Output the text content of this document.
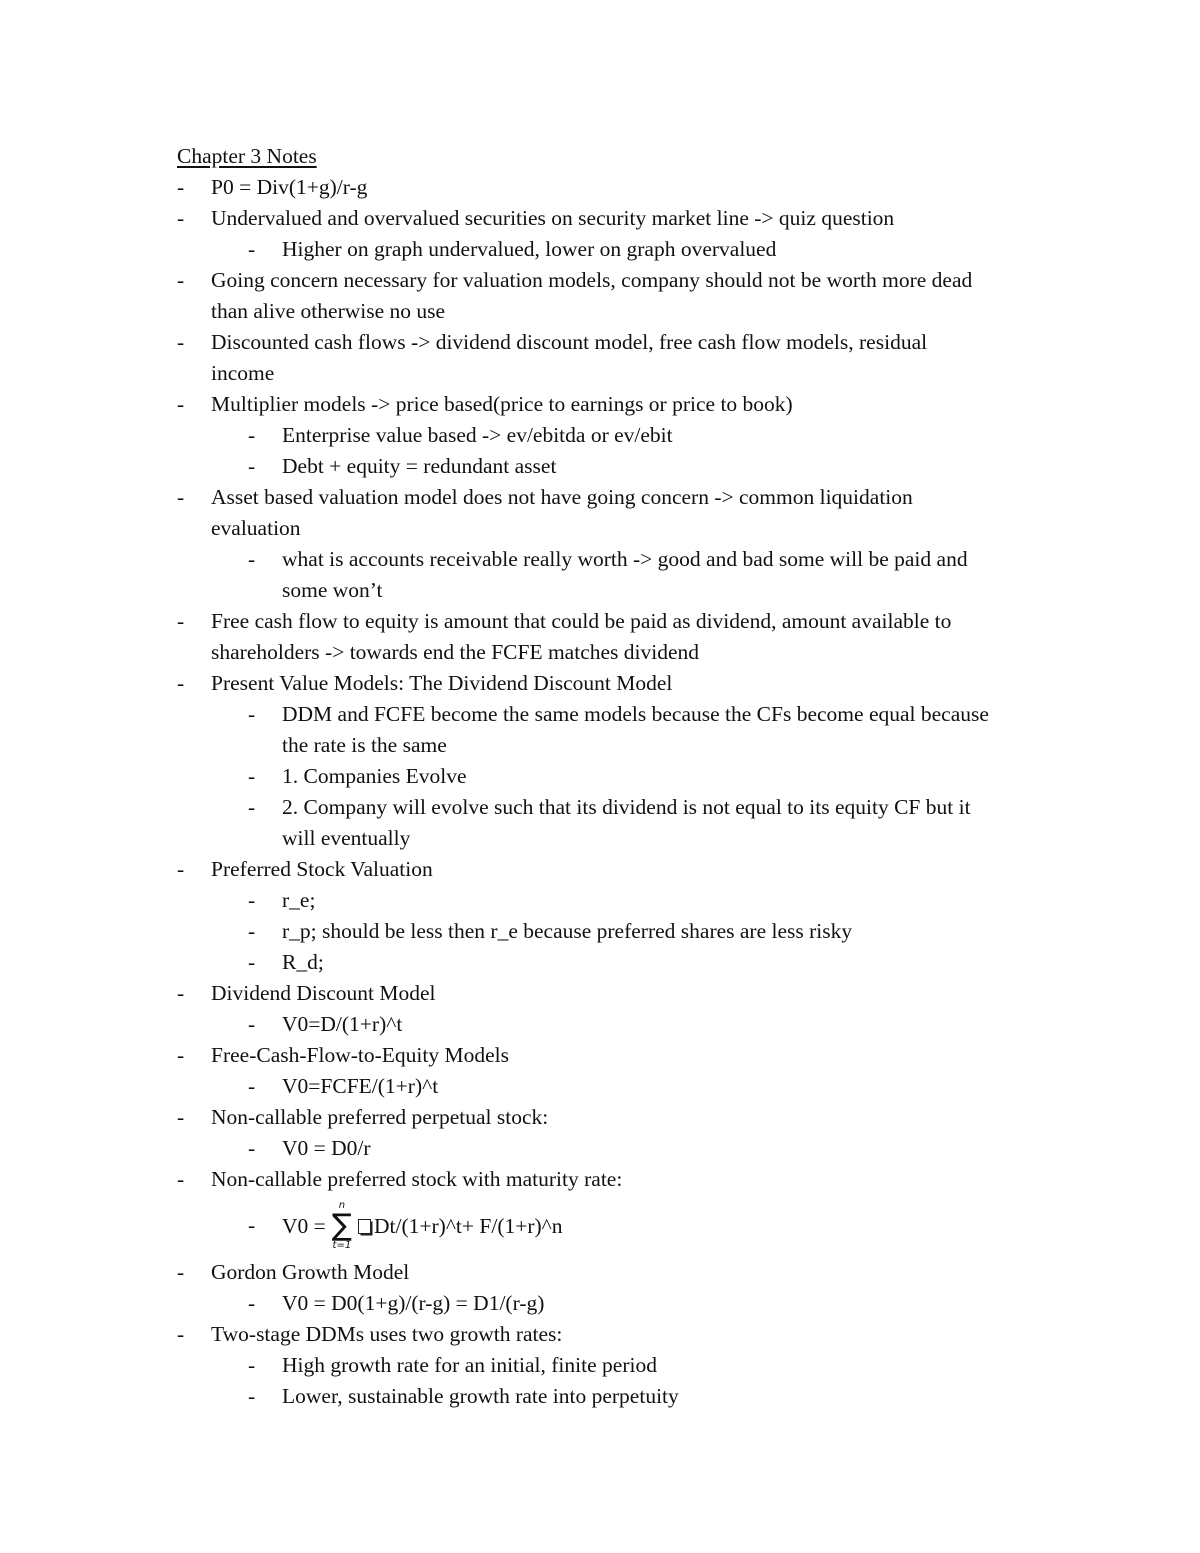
Chapter 3 Notes
- P0 = Div(1+g)/r-g
- Undervalued and overvalued securities on security market line -> quiz question
- Higher on graph undervalued, lower on graph overvalued
- Going concern necessary for valuation models, company should not be worth more dead
than alive otherwise no use
- Discounted cash flows -> dividend discount model, free cash flow models, residual
income
- Multiplier models -> price based(price to earnings or price to book)
- Enterprise value based -> ev/ebitda or ev/ebit
- Debt + equity = redundant asset
- Asset based valuation model does not have going concern -> common liquidation
evaluation
- what is accounts receivable really worth -> good and bad some will be paid and
some won’t
- Free cash flow to equity is amount that could be paid as dividend, amount available to
shareholders -> towards end the FCFE matches dividend
- Present Value Models: The Dividend Discount Model
- DDM and FCFE become the same models because the CFs become equal because
the rate is the same
- 1. Companies Evolve
- 2. Company will evolve such that its dividend is not equal to its equity CF but it
will eventually
- Preferred Stock Valuation
- r_e;
- r_p; should be less then r_e because preferred shares are less risky
- R_d;
- Dividend Discount Model
- V0=D/(1+r)^t
- Free-Cash-Flow-to-Equity Models
- V0=FCFE/(1+r)^t
- Non-callable preferred perpetual stock:
- V0 = D0/r
- Non-callable preferred stock with maturity rate:
- V0 =
n
∑
t=1
Dt/(1+r)^t+ F/(1+r)^n
- Gordon Growth Model
- V0 = D0(1+g)/(r-g) = D1/(r-g)
- Two-stage DDMs uses two growth rates:
- High growth rate for an initial, finite period
- Lower, sustainable growth rate into perpetuity
